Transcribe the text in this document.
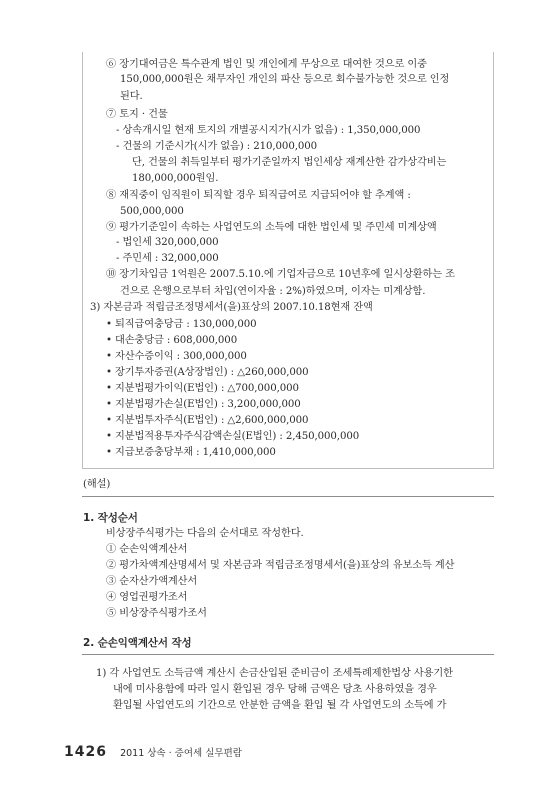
⑥ 장기대여금은 특수관계 법인 및 개인에게 무상으로 대여한 것으로 이중
150,000,000원은 채무자인 개인의 파산 등으로 회수불가능한 것으로 인정
된다.
⑦ 토지 · 건물
- 상속개시일 현재 토지의 개별공시지가(시가 없음) : 1,350,000,000
- 건물의 기준시가(시가 없음) : 210,000,000
단, 건물의 취득일부터 평가기준일까지 법인세상 재계산한 감가상각비는
180,000,000원임.
⑧ 재직중이 임직원이 퇴직할 경우 퇴직급여로 지급되어야 할 추계액 :
500,000,000
⑨ 평가기준일이 속하는 사업연도의 소득에 대한 법인세 및 주민세 미계상액
- 법인세 320,000,000
- 주민세 : 32,000,000
⑩ 장기차입금 1억원은 2007.5.10.에 기업자금으로 10년후에 일시상환하는 조
건으로 은행으로부터 차입(연이자율 : 2%)하였으며, 이자는 미계상함.
3) 자본금과 적립금조정명세서(을)표상의 2007.10.18현재 잔액
• 퇴직급여충당금 : 130,000,000
• 대손충당금 : 608,000,000
• 자산수증이익 : 300,000,000
• 장기투자증권(A상장법인) : △260,000,000
• 지분법평가이익(E법인) : △700,000,000
• 지분법평가손실(E법인) : 3,200,000,000
• 지분법투자주식(E법인) : △2,600,000,000
• 지분법적용투자주식감액손실(E법인) : 2,450,000,000
• 지급보증충당부채 : 1,410,000,000
(해설)
1. 작성순서
비상장주식평가는 다음의 순서대로 작성한다.
① 순손익액계산서
② 평가차액계산명세서 및 자본금과 적립금조정명세서(을)표상의 유보소득 계산
③ 순자산가액계산서
④ 영업권평가조서
⑤ 비상장주식평가조서
2. 순손익액계산서 작성
1) 각 사업연도 소득금액 계산시 손금산입된 준비금이 조세특례제한법상 사용기한
내에 미사용함에 따라 일시 환입된 경우 당해 금액은 당초 사용하였을 경우
환입될 사업연도의 기간으로 안분한 금액을 환입 될 각 사업연도의 소득에 가
1426 2011 상속 · 증여세 실무편람
